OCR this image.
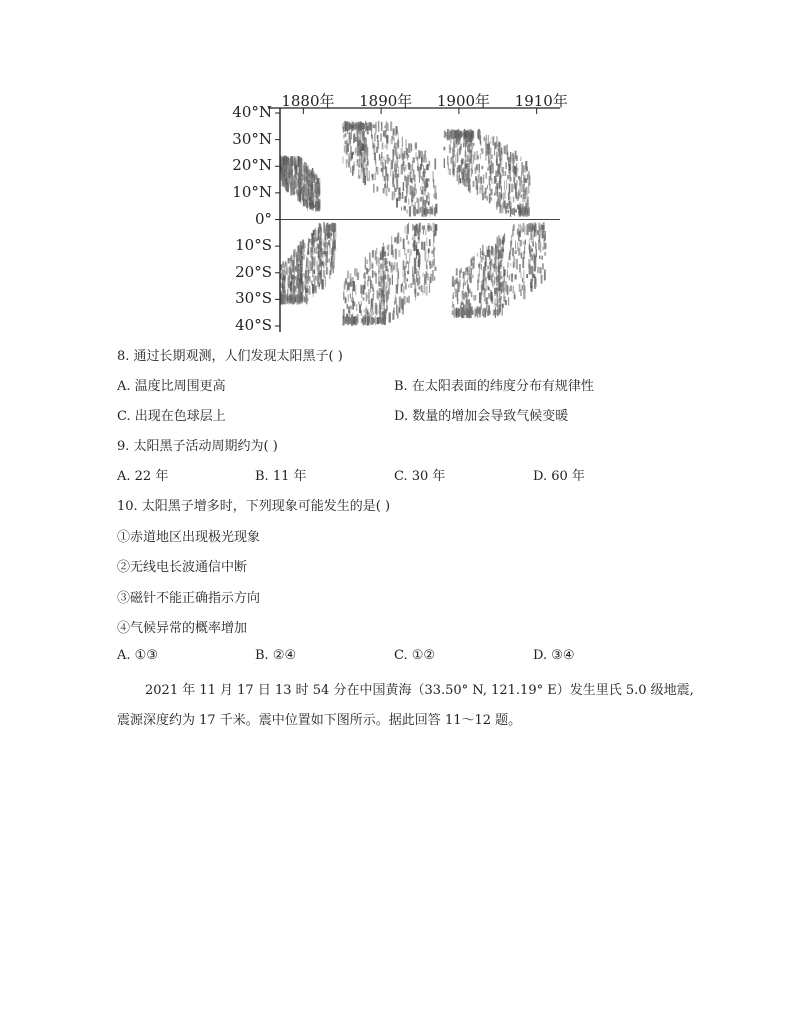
40°N
30°N
20°N
10°N
0°
10°S
20°S
30°S
40°S
1880年 1890年 1900年 1910年
8. 通过长期观测，人们发现太阳黑子( )
A. 温度比周围更高	B. 在太阳表面的纬度分布有规律性
C. 出现在色球层上	D. 数量的增加会导致气候变暖
9. 太阳黑子活动周期约为( )
A. 22 年	B. 11 年	C. 30 年	D. 60 年
10. 太阳黑子增多时，下列现象可能发生的是( )
①赤道地区出现极光现象
②无线电长波通信中断
③磁针不能正确指示方向
④气候异常的概率增加
A. ①③	B. ②④	C. ①②	D. ③④
2021 年 11 月 17 日 13 时 54 分在中国黄海（33.50° N, 121.19° E）发生里氏 5.0 级地震,
震源深度约为 17 千米。震中位置如下图所示。据此回答 11～12 题。
